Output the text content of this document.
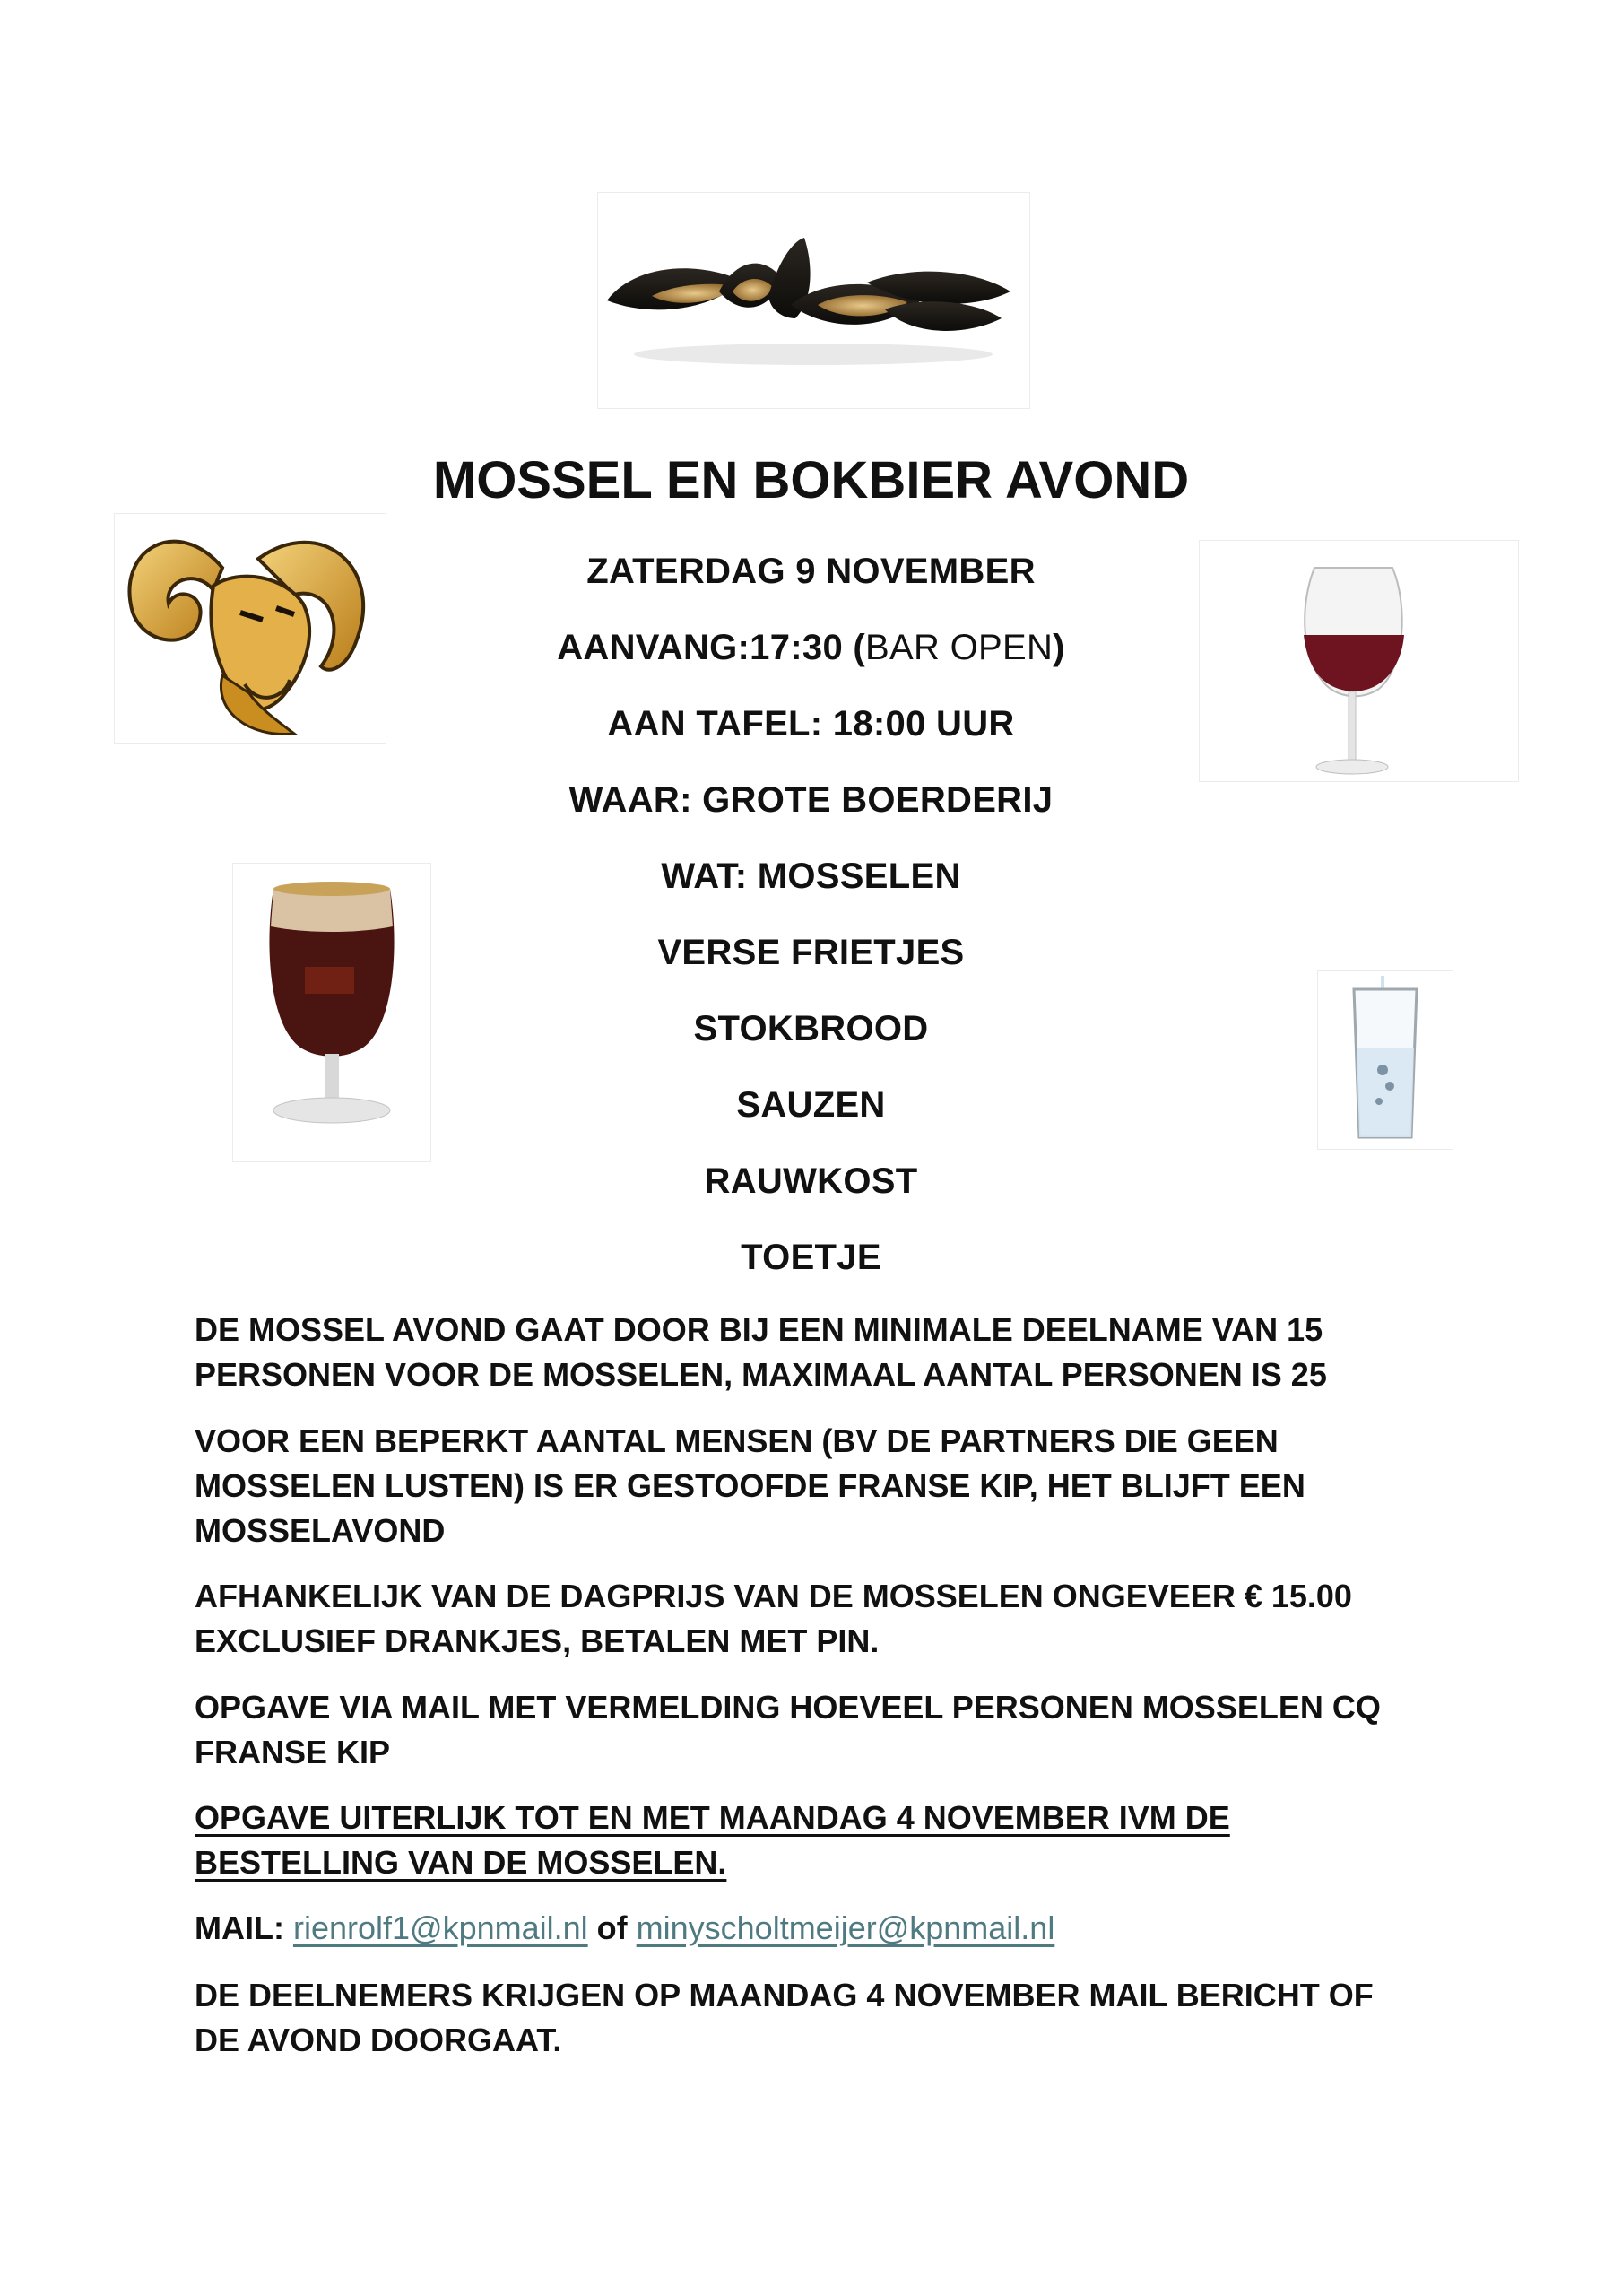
MOSSEL EN BOKBIER AVOND
ZATERDAG 9 NOVEMBER
AANVANG:17:30 (BAR OPEN)
AAN TAFEL: 18:00 UUR
WAAR: GROTE BOERDERIJ
WAT: MOSSELEN
VERSE FRIETJES
STOKBROOD
SAUZEN
RAUWKOST
TOETJE

DE MOSSEL AVOND GAAT DOOR BIJ EEN MINIMALE DEELNAME VAN 15

PERSONEN VOOR DE MOSSELEN, MAXIMAAL AANTAL PERSONEN IS 25

VOOR EEN BEPERKT AANTAL MENSEN (BV DE PARTNERS DIE GEEN

MOSSELEN LUSTEN) IS ER GESTOOFDE FRANSE KIP, HET BLIJFT EEN

MOSSELAVOND

AFHANKELIJK VAN DE DAGPRIJS VAN DE MOSSELEN ONGEVEER € 15.00

EXCLUSIEF DRANKJES, BETALEN MET PIN.

OPGAVE VIA MAIL MET VERMELDING HOEVEEL PERSONEN MOSSELEN CQ

FRANSE KIP

OPGAVE UITERLIJK TOT EN MET MAANDAG 4 NOVEMBER IVM DE

BESTELLING VAN DE MOSSELEN.

MAIL: rienrolf1@kpnmail.nl of minyscholtmeijer@kpnmail.nl

DE DEELNEMERS KRIJGEN OP MAANDAG 4 NOVEMBER MAIL BERICHT OF

DE AVOND DOORGAAT.
